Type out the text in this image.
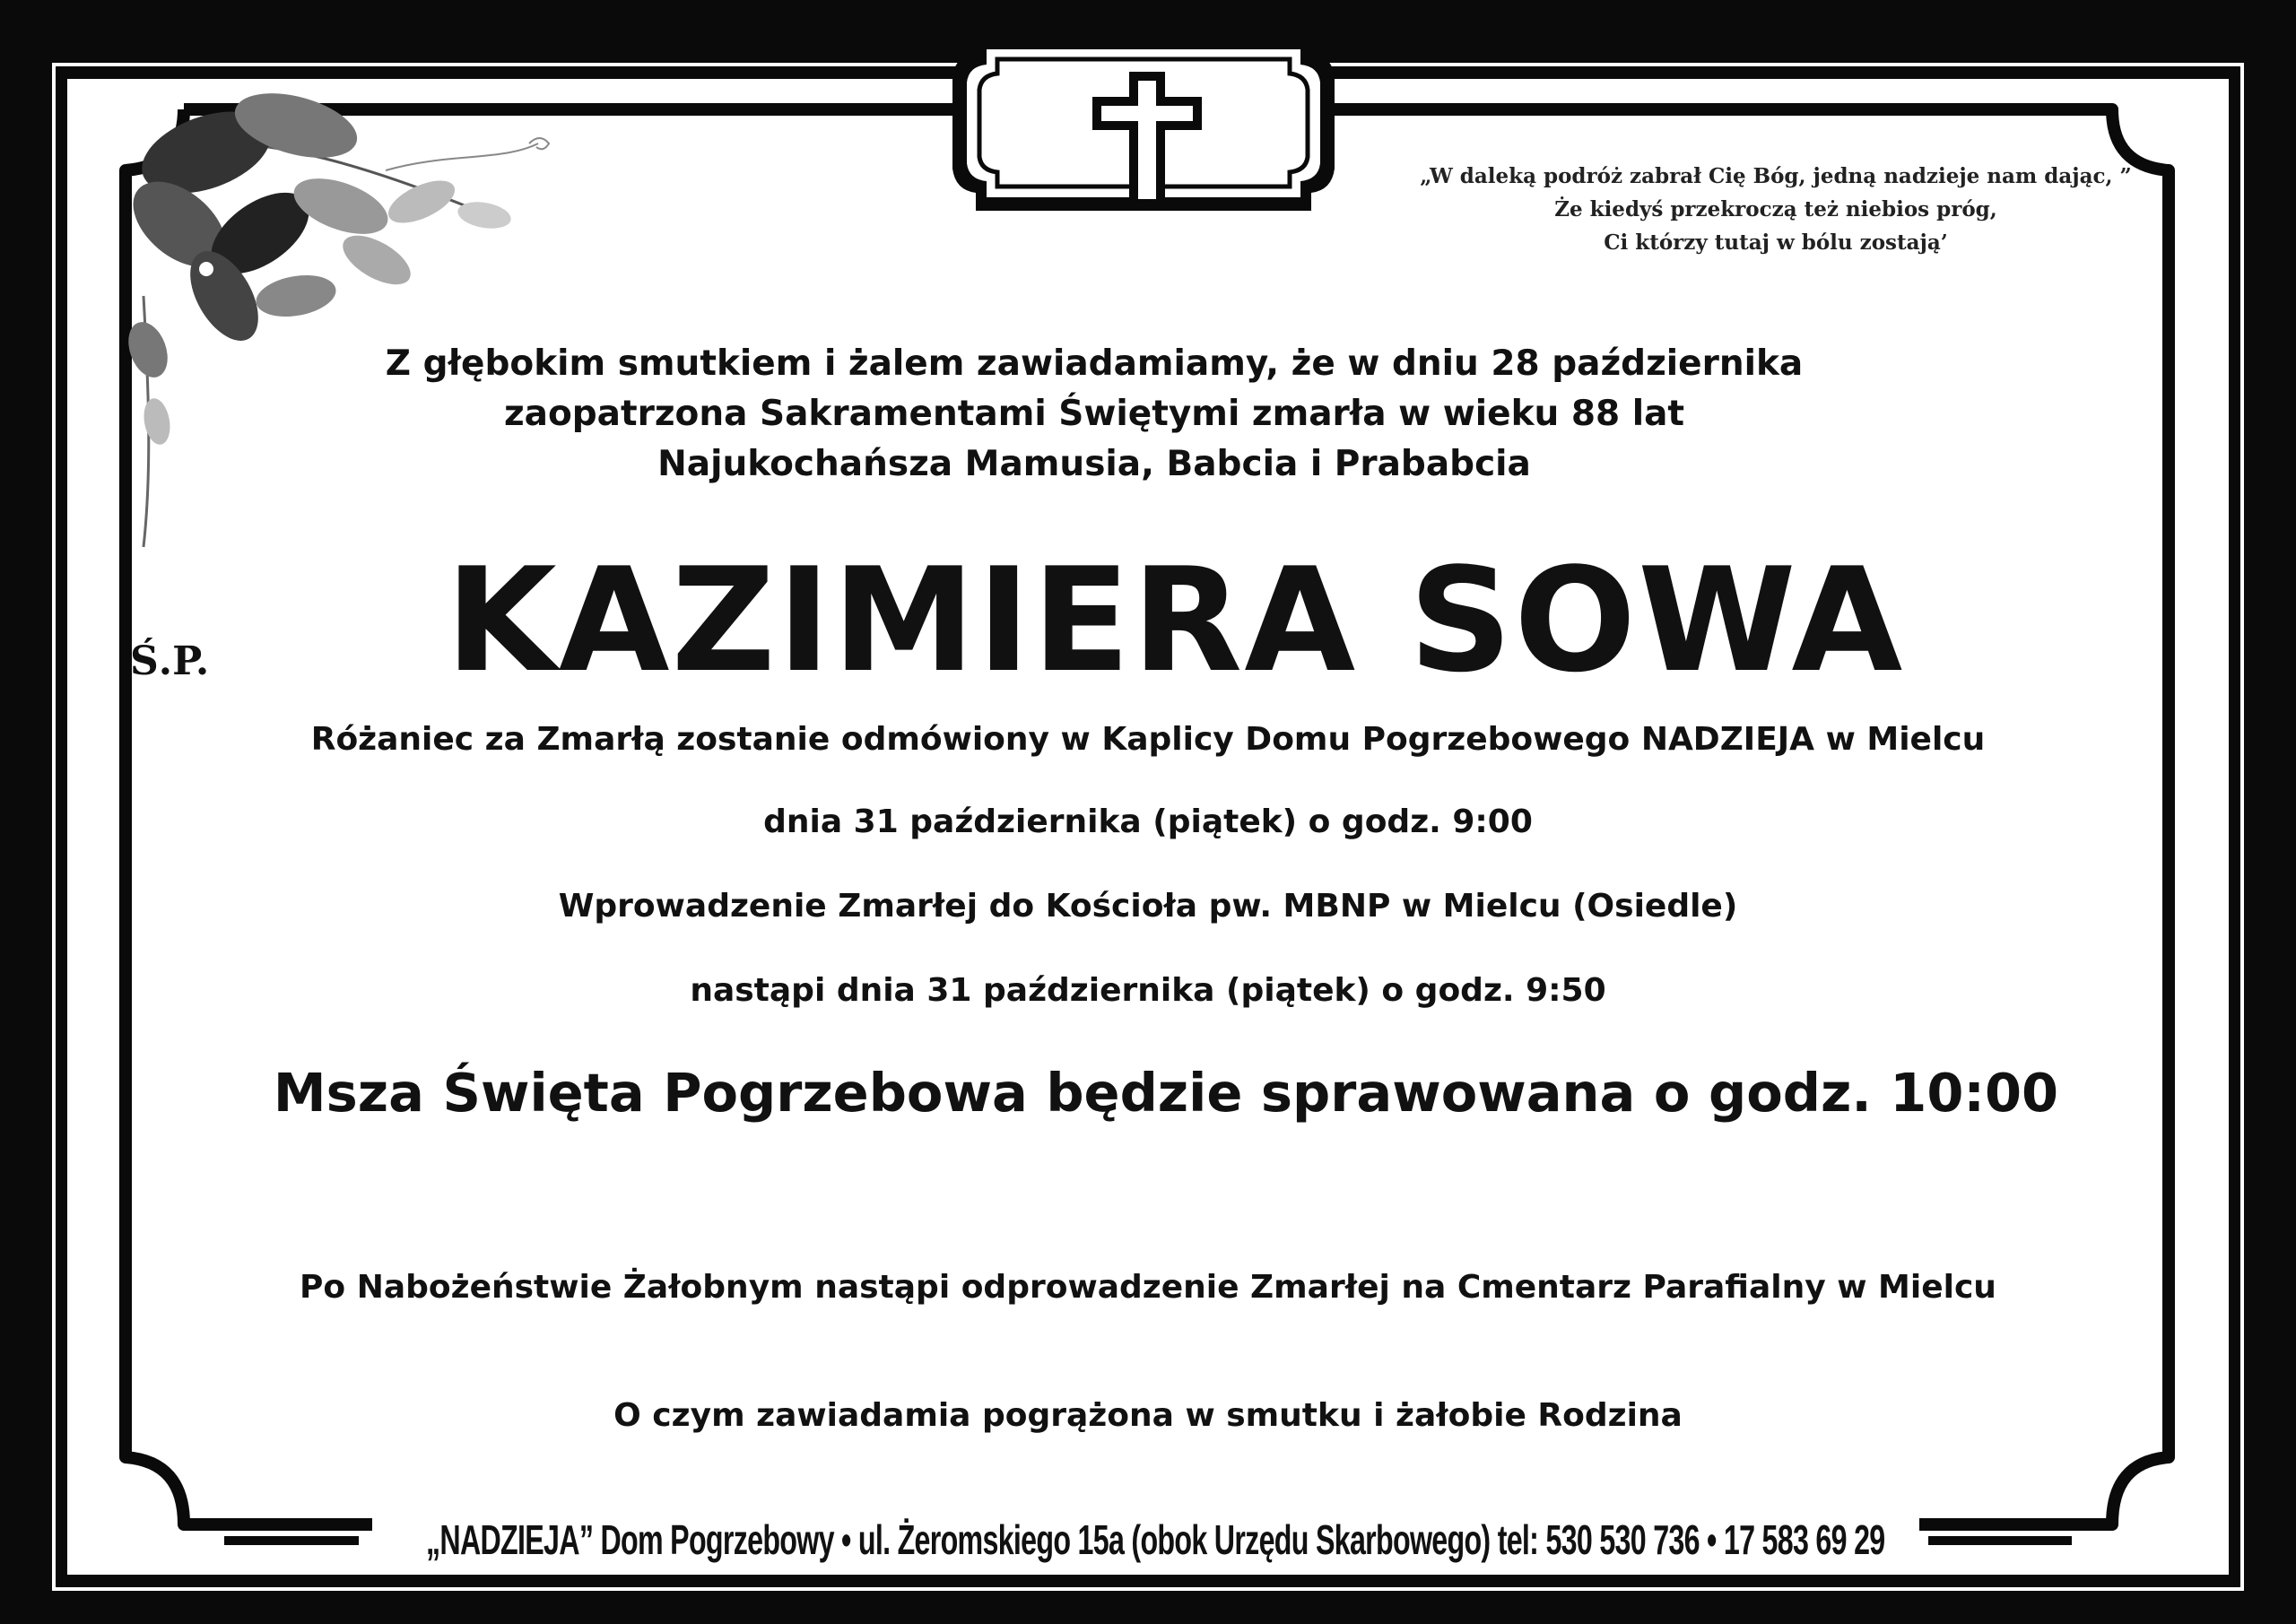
„W daleką podróż zabrał Cię Bóg, jedną nadzieje nam dając, ”
Że kiedyś przekroczą też niebios próg,
Ci którzy tutaj w bólu zostają’
Z głębokim smutkiem i żalem zawiadamiamy, że w dniu 28 października
zaopatrzona Sakramentami Świętymi zmarła w wieku 88 lat
Najukochańsza Mamusia, Babcia i Prababcia
Ś.P.	KAZIMIERA SOWA
Różaniec za Zmarłą zostanie odmówiony w Kaplicy Domu Pogrzebowego NADZIEJA w Mielcu
dnia 31 października (piątek) o godz. 9:00
Wprowadzenie Zmarłej do Kościoła pw. MBNP w Mielcu (Osiedle)
nastąpi dnia 31 października (piątek) o godz. 9:50
Msza Święta Pogrzebowa będzie sprawowana o godz. 10:00
Po Nabożeństwie Żałobnym nastąpi odprowadzenie Zmarłej na Cmentarz Parafialny w Mielcu
O czym zawiadamia pogrążona w smutku i żałobie Rodzina
„NADZIEJA” Dom Pogrzebowy • ul. Żeromskiego 15a (obok Urzędu Skarbowego) tel: 530 530 736 • 17 583 69 29
